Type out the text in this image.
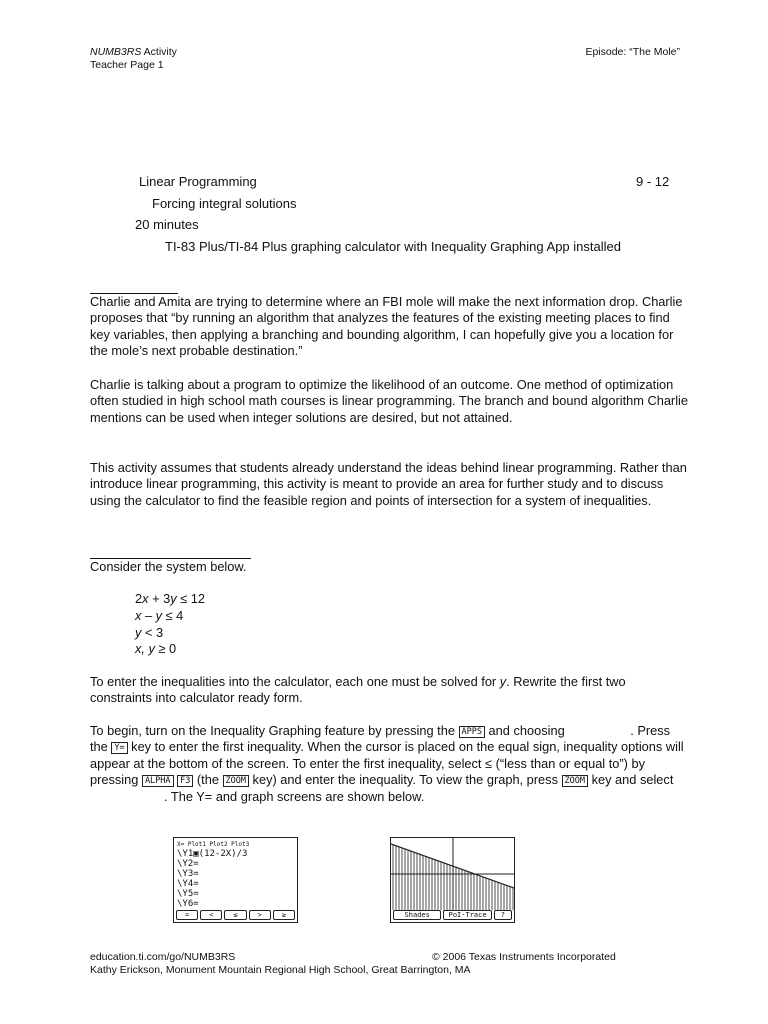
NUMB3RS Activity
Teacher Page 1
Episode: “The Mole”
Linear Programming	9 - 12
Forcing integral solutions
20 minutes
TI-83 Plus/TI-84 Plus graphing calculator with Inequality Graphing App installed
Charlie and Amita are trying to determine where an FBI mole will make the next information drop. Charlie proposes that “by running an algorithm that analyzes the features of the existing meeting places to find key variables, then applying a branching and bounding algorithm, I can hopefully give you a location for the mole’s next probable destination.”
Charlie is talking about a program to optimize the likelihood of an outcome. One method of optimization often studied in high school math courses is linear programming. The branch and bound algorithm Charlie mentions can be used when integer solutions are desired, but not attained.
This activity assumes that students already understand the ideas behind linear programming. Rather than introduce linear programming, this activity is meant to provide an area for further study and to discuss using the calculator to find the feasible region and points of intersection for a system of inequalities.
Consider the system below.
2x + 3y ≤ 12
x – y ≤ 4
y < 3
x, y ≥ 0
To enter the inequalities into the calculator, each one must be solved for y. Rewrite the first two constraints into calculator ready form.
To begin, turn on the Inequality Graphing feature by pressing the APPS and choosing	. Press the Y= key to enter the first inequality. When the cursor is placed on the equal sign, inequality options will appear at the bottom of the screen. To enter the first inequality, select ≤ (“less than or equal to”) by pressing ALPHA F3 (the ZOOM key) and enter the inequality. To view the graph, press ZOOM key and select . The Y= and graph screens are shown below.
X= Plot1 Plot2 Plot3
\Y1▣(12-2X)/3
\Y2=
\Y3=
\Y4=
\Y5=
\Y6=
=	<	≤	>	≥	Shades	PoI-Trace	?
education.ti.com/go/NUMB3RS	© 2006 Texas Instruments Incorporated
Kathy Erickson, Monument Mountain Regional High School, Great Barrington, MA
